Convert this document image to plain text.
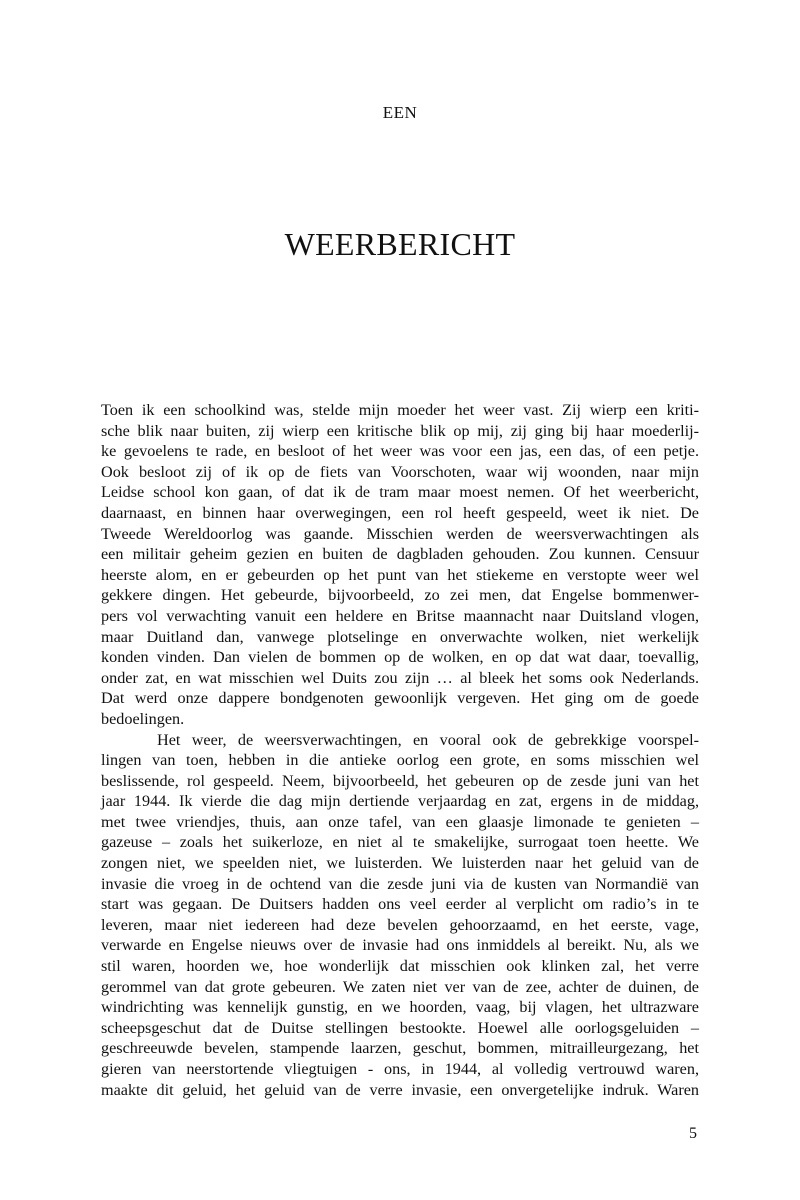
EEN
WEERBERICHT
Toen ik een schoolkind was, stelde mijn moeder het weer vast. Zij wierp een kriti-
sche blik naar buiten, zij wierp een kritische blik op mij, zij ging bij haar moederlij-
ke gevoelens te rade, en besloot of het weer was voor een jas, een das, of een petje.
Ook besloot zij of ik op de fiets van Voorschoten, waar wij woonden, naar mijn
Leidse school kon gaan, of dat ik de tram maar moest nemen. Of het weerbericht,
daarnaast, en binnen haar overwegingen, een rol heeft gespeeld, weet ik niet. De
Tweede Wereldoorlog was gaande. Misschien werden de weersverwachtingen als
een militair geheim gezien en buiten de dagbladen gehouden. Zou kunnen. Censuur
heerste alom, en er gebeurden op het punt van het stiekeme en verstopte weer wel
gekkere dingen. Het gebeurde, bijvoorbeeld, zo zei men, dat Engelse bommenwer-
pers vol verwachting vanuit een heldere en Britse maannacht naar Duitsland vlogen,
maar Duitland dan, vanwege plotselinge en onverwachte wolken, niet werkelijk
konden vinden. Dan vielen de bommen op de wolken, en op dat wat daar, toevallig,
onder zat, en wat misschien wel Duits zou zijn … al bleek het soms ook Nederlands.
Dat werd onze dappere bondgenoten gewoonlijk vergeven. Het ging om de goede
bedoelingen.
Het weer, de weersverwachtingen, en vooral ook de gebrekkige voorspel-
lingen van toen, hebben in die antieke oorlog een grote, en soms misschien wel
beslissende, rol gespeeld. Neem, bijvoorbeeld, het gebeuren op de zesde juni van het
jaar 1944. Ik vierde die dag mijn dertiende verjaardag en zat, ergens in de middag,
met twee vriendjes, thuis, aan onze tafel, van een glaasje limonade te genieten –
gazeuse – zoals het suikerloze, en niet al te smakelijke, surrogaat toen heette. We
zongen niet, we speelden niet, we luisterden. We luisterden naar het geluid van de
invasie die vroeg in de ochtend van die zesde juni via de kusten van Normandië van
start was gegaan. De Duitsers hadden ons veel eerder al verplicht om radio’s in te
leveren, maar niet iedereen had deze bevelen gehoorzaamd, en het eerste, vage,
verwarde en Engelse nieuws over de invasie had ons inmiddels al bereikt. Nu, als we
stil waren, hoorden we, hoe wonderlijk dat misschien ook klinken zal, het verre
gerommel van dat grote gebeuren. We zaten niet ver van de zee, achter de duinen, de
windrichting was kennelijk gunstig, en we hoorden, vaag, bij vlagen, het ultrazware
scheepsgeschut dat de Duitse stellingen bestookte. Hoewel alle oorlogsgeluiden –
geschreeuwde bevelen, stampende laarzen, geschut, bommen, mitrailleurgezang, het
gieren van neerstortende vliegtuigen - ons, in 1944, al volledig vertrouwd waren,
maakte dit geluid, het geluid van de verre invasie, een onvergetelijke indruk. Waren
5
